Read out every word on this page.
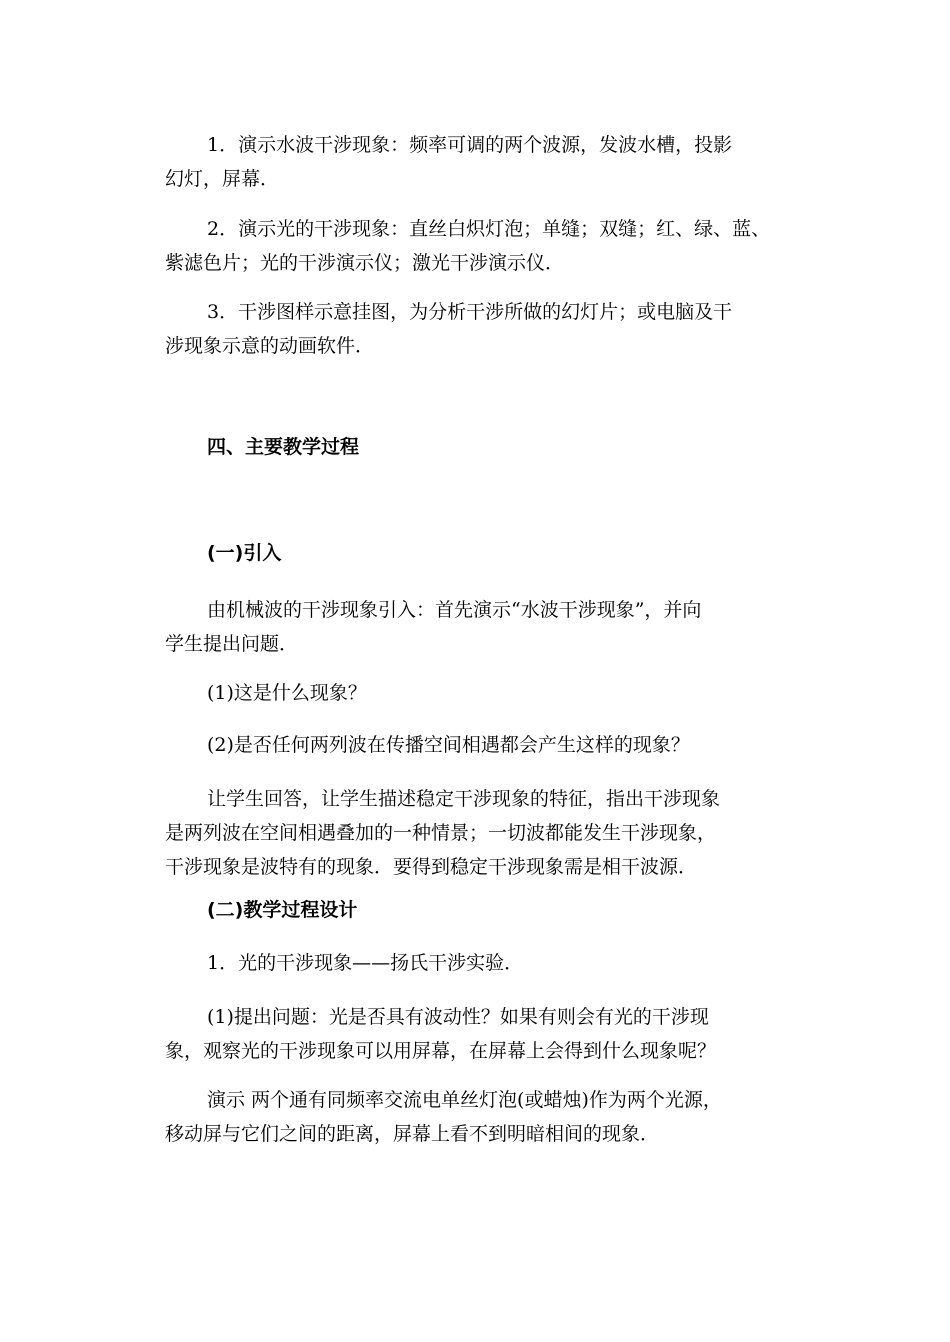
1．演示水波干涉现象：频率可调的两个波源，发波水槽，投影
幻灯，屏幕．

2．演示光的干涉现象：直丝白炽灯泡；单缝；双缝；红、绿、蓝、
紫滤色片；光的干涉演示仪；激光干涉演示仪．

3．干涉图样示意挂图，为分析干涉所做的幻灯片；或电脑及干
涉现象示意的动画软件．

四、主要教学过程
(一)引入

由机械波的干涉现象引入：首先演示“水波干涉现象”，并向
学生提出问题．

(1)这是什么现象？

(2)是否任何两列波在传播空间相遇都会产生这样的现象？

让学生回答，让学生描述稳定干涉现象的特征，指出干涉现象
是两列波在空间相遇叠加的一种情景；一切波都能发生干涉现象，
干涉现象是波特有的现象．要得到稳定干涉现象需是相干波源．

(二)教学过程设计

1．光的干涉现象——扬氏干涉实验．

(1)提出问题：光是否具有波动性？如果有则会有光的干涉现
象，观察光的干涉现象可以用屏幕，在屏幕上会得到什么现象呢？

演示 两个通有同频率交流电单丝灯泡(或蜡烛)作为两个光源，
移动屏与它们之间的距离，屏幕上看不到明暗相间的现象．
